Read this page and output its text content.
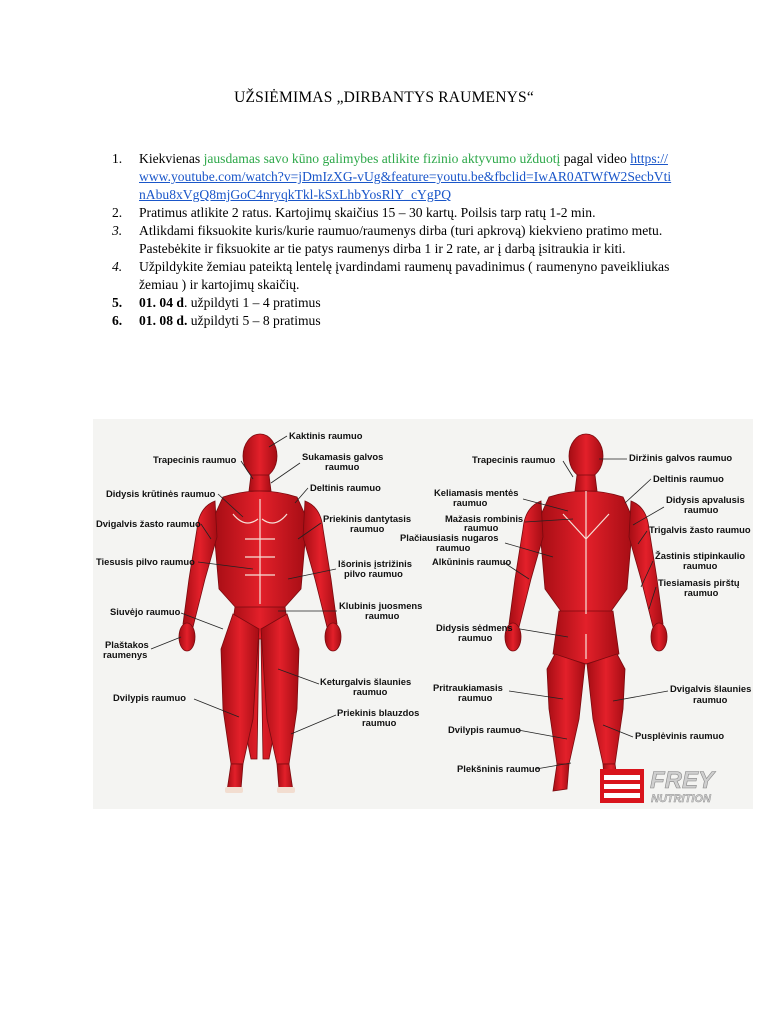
UŽSIĖMIMAS „DIRBANTYS RAUMENYS“
1. Kiekvienas jausdamas savo kūno galimybes atlikite fizinio aktyvumo užduotį pagal video https://www.youtube.com/watch?v=jDmIzXG-vUg&feature=youtu.be&fbclid=IwAR0ATWfW2SecbVtinAbu8xVgQ8mjGoC4nryqkTkl-kSxLhbYosRlY_cYgPQ
2. Pratimus atlikite 2 ratus. Kartojimų skaičius 15 – 30 kartų. Poilsis tarp ratų 1-2 min.
3. Atlikdami fiksuokite kuris/kurie raumuo/raumenys dirba (turi apkrovą) kiekvieno pratimo metu. Pastebėkite ir fiksuokite ar tie patys raumenys dirba 1 ir 2 rate, ar į darbą įsitraukia ir kiti.
4. Užpildykite žemiau pateiktą lentelę įvardindami raumenų pavadinimus ( raumenyno paveikliukas žemiau ) ir kartojimų skaičių.
5. 01. 04 d. užpildyti 1 – 4 pratimus
6. 01. 08 d. užpildyti 5 – 8 pratimus
Kaktinis raumuo
Trapecinis raumuo	Sukamasis galvos
raumuo
Didysis krūtinės raumuo
Deltinis raumuo
Dvigalvis žasto raumuo	Priekinis dantytasis
raumuo
Tiesusis pilvo raumuo	Išorinis įstrižinis
pilvo raumuo
Siuvėjo raumuo
Klubinis juosmens
raumuo
Plaštakos
raumenys
Keturgalvis šlaunies
raumuo
Dvilypis raumuo
Priekinis blauzdos
raumuo
Trapecinis raumuo	Diržinis galvos raumuo
Deltinis raumuo
Keliamasis mentės
raumuo	Didysis apvalusis
raumuo
Mažasis rombinis
raumuo	Trigalvis žasto raumuo
Plačiausiasis nugaros
raumuo
Alkūninis raumuo
Žastinis stipinkaulio
raumuo
Tiesiamasis pirštų
raumuo
Didysis sėdmens
raumuo
Pritraukiamasis
raumuo
Dvigalvis šlaunies
raumuo
Dvilypis raumuo
Pusplėvinis raumuo
Plekšninis raumuo	FREY
NUTRITION
